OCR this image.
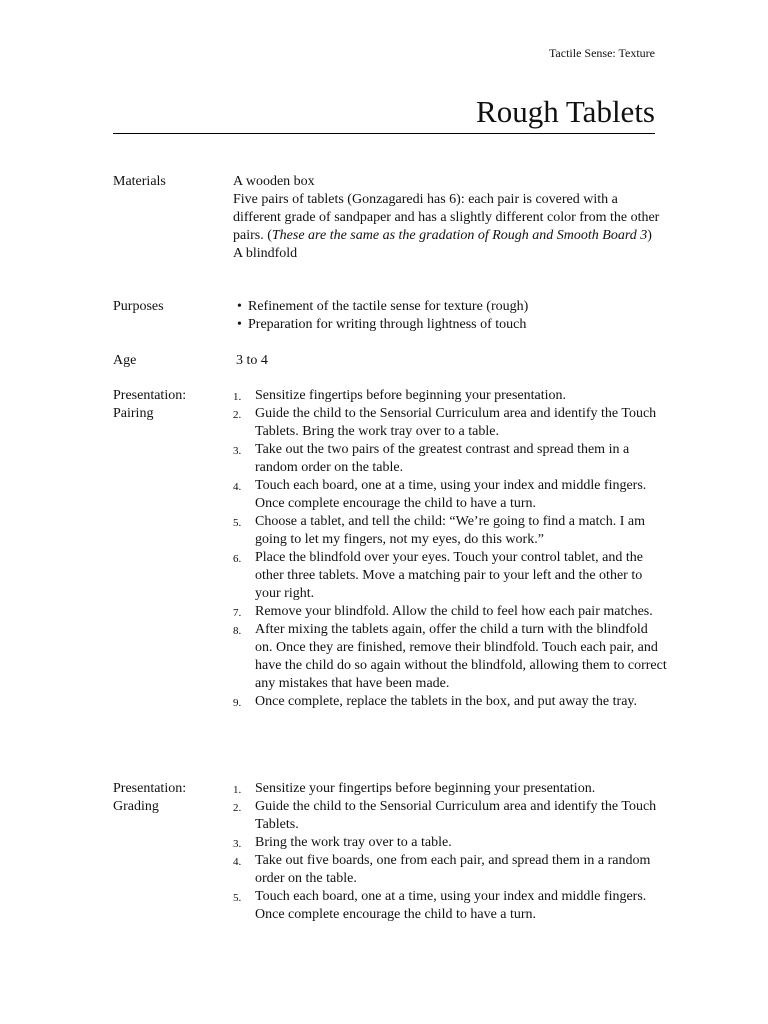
Tactile Sense: Texture
Rough Tablets
Materials	A wooden box

Five pairs of tablets (Gonzagaredi has 6): each pair is covered with a different grade of sandpaper and has a slightly different color from the other pairs. (These are the same as the gradation of Rough and Smooth Board 3)

A blindfold

Purposes
•	Refinement of the tactile sense for texture (rough)
• Preparation for writing through lightness of touch
Age	3 to 4
Presentation:
Pairing
1. Sensitize fingertips before beginning your presentation.
2. Guide the child to the Sensorial Curriculum area and identify the Touch Tablets. Bring the work tray over to a table.
3. Take out the two pairs of the greatest contrast and spread them in a random order on the table.
4. Touch each board, one at a time, using your index and middle fingers. Once complete encourage the child to have a turn.
5. Choose a tablet, and tell the child: “We’re going to find a match. I am going to let my fingers, not my eyes, do this work.”
6. Place the blindfold over your eyes. Touch your control tablet, and the other three tablets. Move a matching pair to your left and the other to your right.
7. Remove your blindfold. Allow the child to feel how each pair matches.
8. After mixing the tablets again, offer the child a turn with the blindfold on. Once they are finished, remove their blindfold. Touch each pair, and have the child do so again without the blindfold, allowing them to correct any mistakes that have been made.
9. Once complete, replace the tablets in the box, and put away the tray.
Presentation:
Grading
1. Sensitize your fingertips before beginning your presentation.
2. Guide the child to the Sensorial Curriculum area and identify the Touch Tablets.
3. Bring the work tray over to a table.
4. Take out five boards, one from each pair, and spread them in a random order on the table.
5. Touch each board, one at a time, using your index and middle fingers. Once complete encourage the child to have a turn.
